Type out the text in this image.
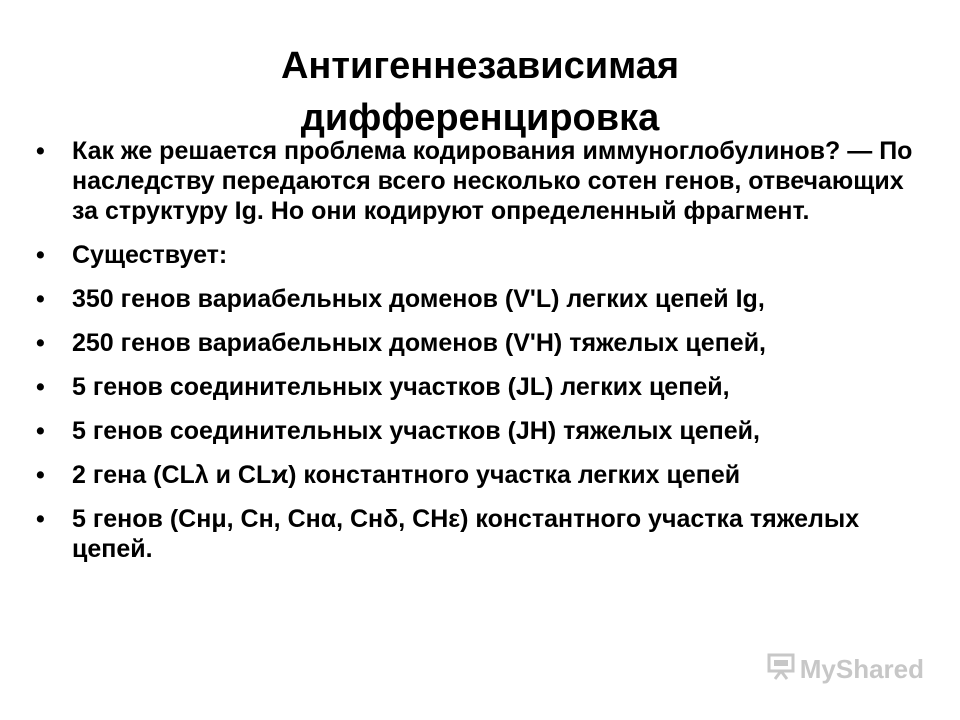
Антигеннезависимая
дифференцировка
• Как же решается проблема кодирования иммуноглобулинов? — По наследству передаются всего несколько сотен генов, отвечающих за структуру Ig. Но они кодируют определенный фрагмент.
• Существует:
• 350 генов вариабельных доменов (V'L) легких цепей Ig,
• 250 генов вариабельных доменов (V'H) тяжелых цепей,
• 5 генов соединительных участков (JL) легких цепей,
• 5 генов соединительных участков (JH) тяжелых цепей,
• 2 гена (CLλ и CLϰ) константного участка легких цепей
• 5 генов (Снμ, Сн, Снα, Снδ, СНε) константного участка тяжелых цепей.
MyShared
